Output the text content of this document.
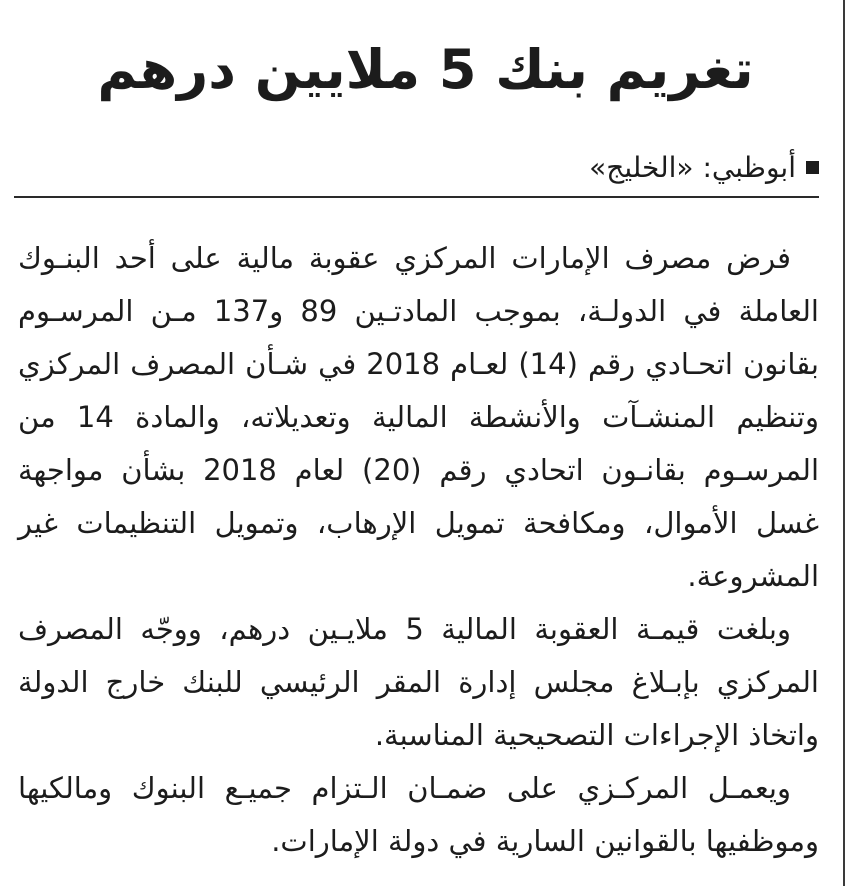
تغريم بنك 5 ملايين درهم
أبوظبي: «الخليج»

فرض مصرف الإمارات المركزي عقوبة مالية على أحد البنـوك العاملة في الدولـة، بموجب المادتـين 89 و137 مـن المرسـوم بقانون اتحـادي رقم (14) لعـام 2018 في شـأن المصرف المركزي وتنظيم المنشـآت والأنشطة المالية وتعديلاته، والمادة 14 من المرسـوم بقانـون اتحادي رقم (20) لعام 2018 بشأن مواجهة غسل الأموال، ومكافحة تمويل الإرهاب، وتمويل التنظيمات غير المشروعة.

وبلغت قيمـة العقوبة المالية 5 ملايـين درهم، ووجّه المصرف المركزي بإبـلاغ مجلس إدارة المقر الرئيسي للبنك خارج الدولة واتخاذ الإجراءات التصحيحية المناسبة.

ويعمـل المركـزي على ضمـان الـتزام جميـع البنوك ومالكيها وموظفيها بالقوانين السارية في دولة الإمارات.
